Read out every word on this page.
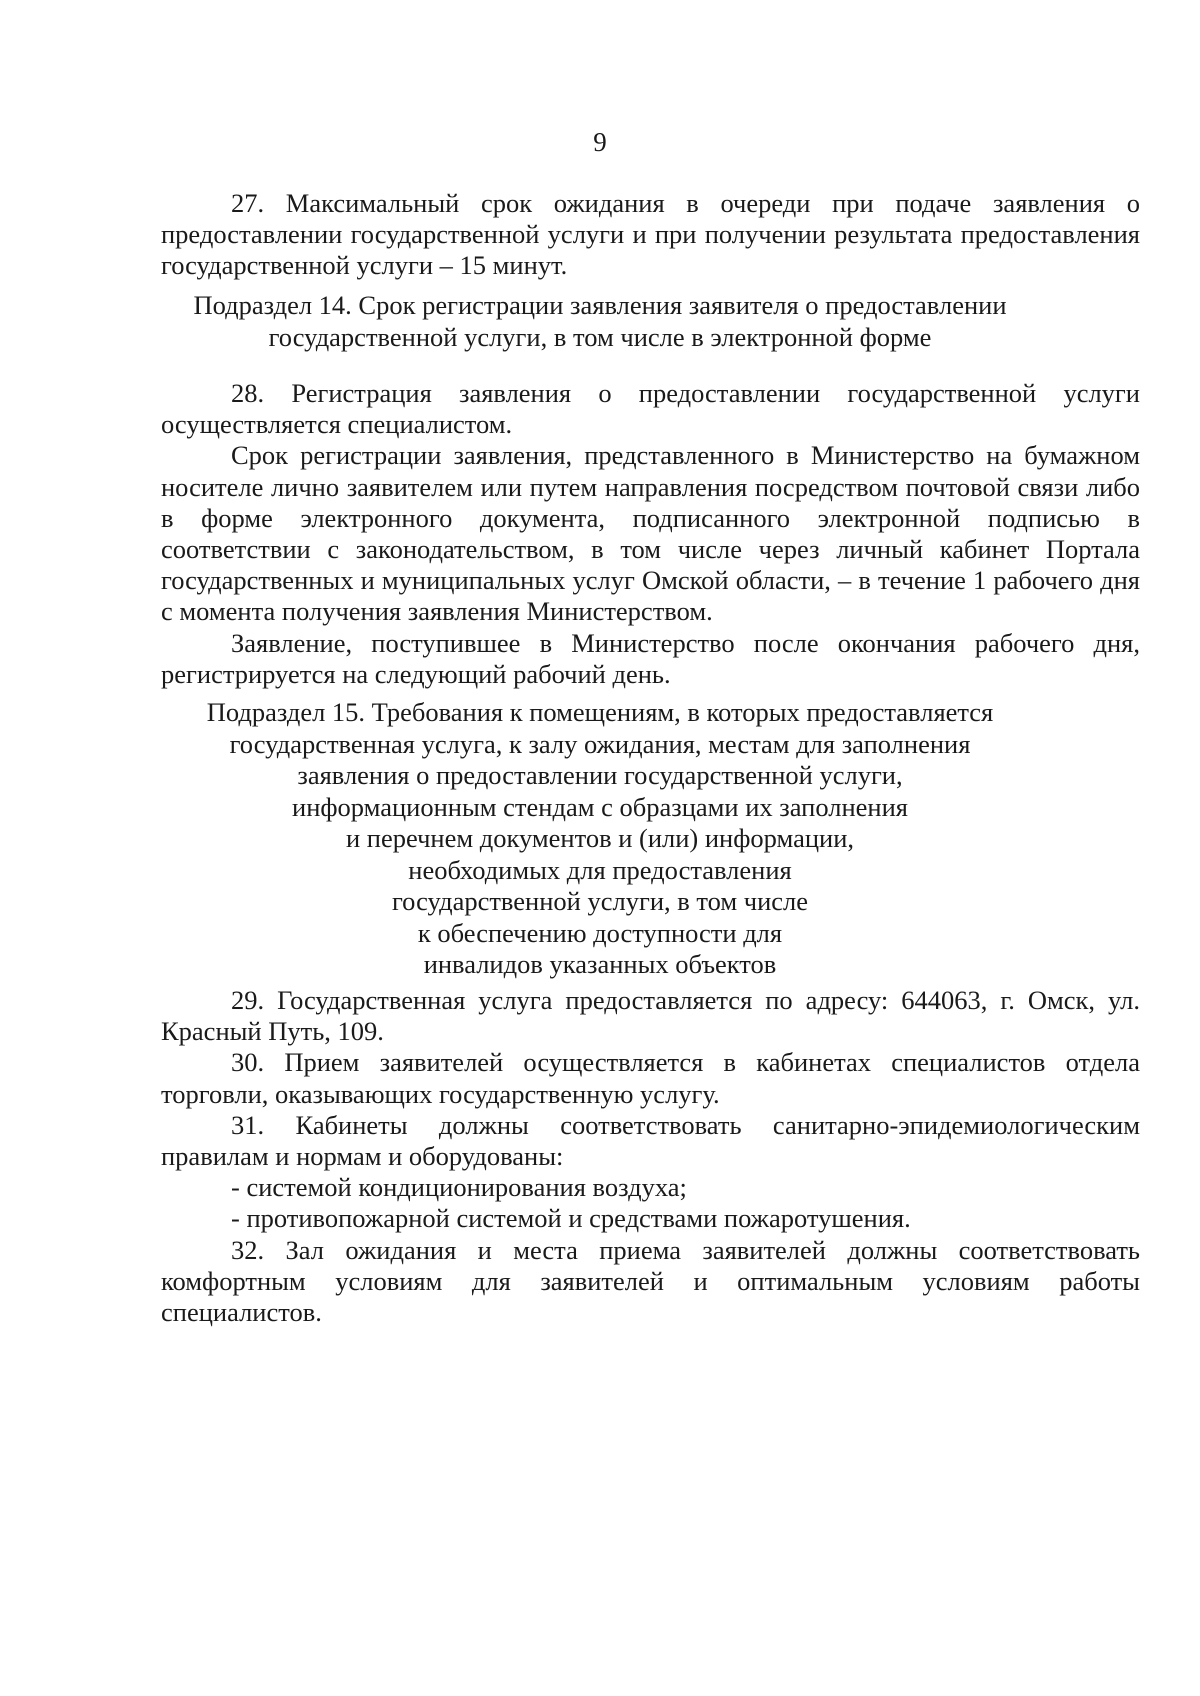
9

27. Максимальный срок ожидания в очереди при подаче заявления о предоставлении государственной услуги и при получении результата предоставления государственной услуги – 15 минут.

Подраздел 14. Срок регистрации заявления заявителя о предоставлении
государственной услуги, в том числе в электронной форме

28. Регистрация заявления о предоставлении государственной услуги осуществляется специалистом.

Срок регистрации заявления, представленного в Министерство на бумажном носителе лично заявителем или путем направления посредством почтовой связи либо в форме электронного документа, подписанного электронной подписью в соответствии с законодательством, в том числе через личный кабинет Портала государственных и муниципальных услуг Омской области, – в течение 1 рабочего дня с момента получения заявления Министерством.

Заявление, поступившее в Министерство после окончания рабочего дня, регистрируется на следующий рабочий день.

Подраздел 15. Требования к помещениям, в которых предоставляется
государственная услуга, к залу ожидания, местам для заполнения
заявления о предоставлении государственной услуги,
информационным стендам с образцами их заполнения
и перечнем документов и (или) информации,
необходимых для предоставления
государственной услуги, в том числе
к обеспечению доступности для
инвалидов указанных объектов

29. Государственная услуга предоставляется по адресу: 644063, г. Омск, ул. Красный Путь, 109.

30. Прием заявителей осуществляется в кабинетах специалистов отдела торговли, оказывающих государственную услугу.

31. Кабинеты должны соответствовать санитарно-эпидемиологическим правилам и нормам и оборудованы:

- системой кондиционирования воздуха;
- противопожарной системой и средствами пожаротушения.

32. Зал ожидания и места приема заявителей должны соответствовать комфортным условиям для заявителей и оптимальным условиям работы специалистов.
